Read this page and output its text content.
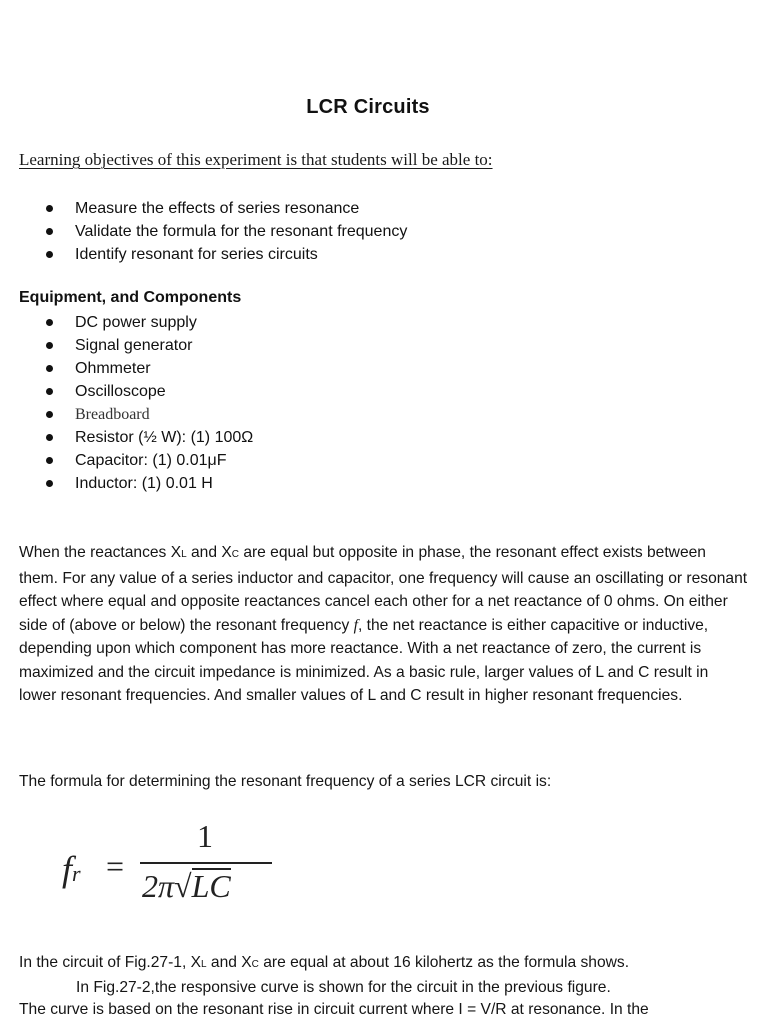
LCR Circuits
Learning objectives of this experiment is that students will be able to:
Measure the effects of series resonance
Validate the formula for the resonant frequency
Identify resonant for series circuits
Equipment, and Components
DC power supply
Signal generator
Ohmmeter
Oscilloscope
Breadboard
Resistor (½ W): (1) 100Ω
Capacitor: (1) 0.01μF
Inductor: (1) 0.01 H
When the reactances XL and XC are equal but opposite in phase, the resonant effect exists between them. For any value of a series inductor and capacitor, one frequency will cause an oscillating or resonant effect where equal and opposite reactances cancel each other for a net reactance of 0 ohms. On either side of (above or below) the resonant frequency f, the net reactance is either capacitive or inductive, depending upon which component has more reactance. With a net reactance of zero, the current is maximized and the circuit impedance is minimized. As a basic rule, larger values of L and C result in lower resonant frequencies. And smaller values of L and C result in higher resonant frequencies.
The formula for determining the resonant frequency of a series LCR circuit is:
fr =
1
2π√LC
In the circuit of Fig.27-1, XL and XC are equal at about 16 kilohertz as the formula shows.
In Fig.27-2,the responsive curve is shown for the circuit in the previous figure.
The curve is based on the resonant rise in circuit current where I = V/R at resonance. In the
